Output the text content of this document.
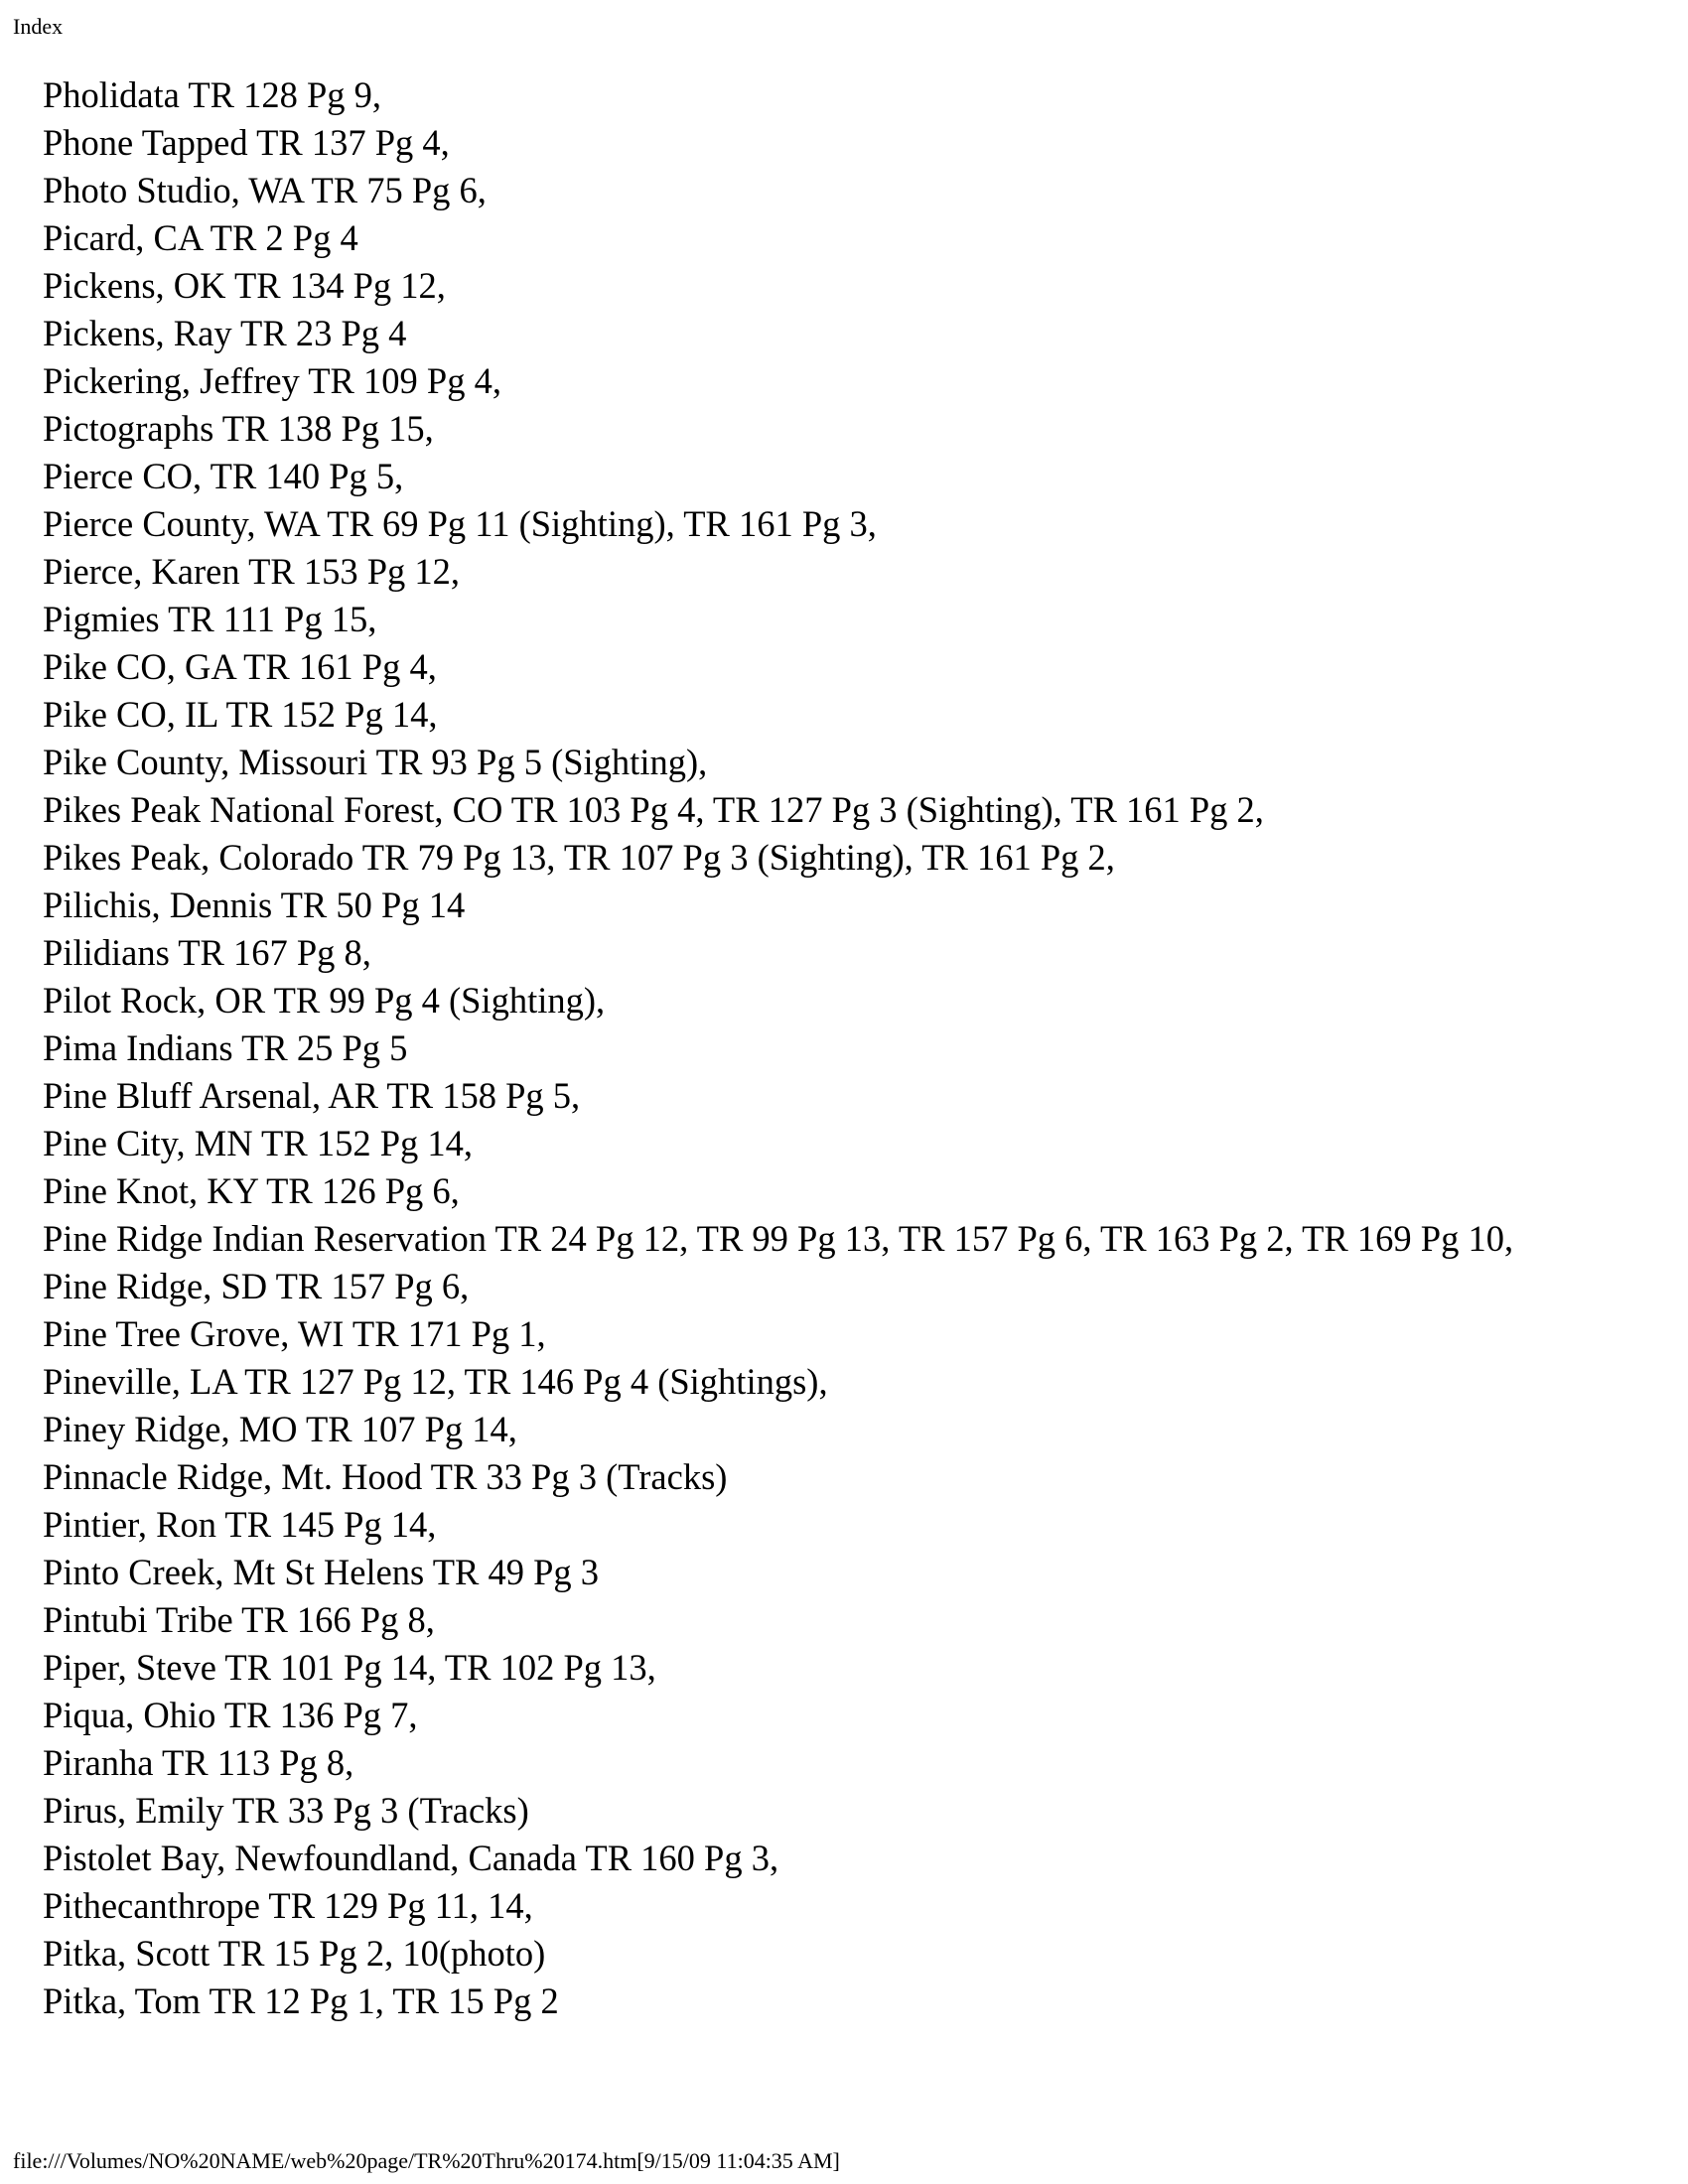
Index
Pholidata TR 128 Pg 9,
Phone Tapped TR 137 Pg 4,
Photo Studio, WA TR 75 Pg 6,
Picard, CA TR 2 Pg 4
Pickens, OK TR 134 Pg 12,
Pickens, Ray TR 23 Pg 4
Pickering, Jeffrey TR 109 Pg 4,
Pictographs TR 138 Pg 15,
Pierce CO, TR 140 Pg 5,
Pierce County, WA TR 69 Pg 11 (Sighting), TR 161 Pg 3,
Pierce, Karen TR 153 Pg 12,
Pigmies TR 111 Pg 15,
Pike CO, GA TR 161 Pg 4,
Pike CO, IL TR 152 Pg 14,
Pike County, Missouri TR 93 Pg 5 (Sighting),
Pikes Peak National Forest, CO TR 103 Pg 4, TR 127 Pg 3 (Sighting), TR 161 Pg 2,
Pikes Peak, Colorado TR 79 Pg 13, TR 107 Pg 3 (Sighting), TR 161 Pg 2,
Pilichis, Dennis TR 50 Pg 14
Pilidians TR 167 Pg 8,
Pilot Rock, OR TR 99 Pg 4 (Sighting),
Pima Indians TR 25 Pg 5
Pine Bluff Arsenal, AR TR 158 Pg 5,
Pine City, MN TR 152 Pg 14,
Pine Knot, KY TR 126 Pg 6,
Pine Ridge Indian Reservation TR 24 Pg 12, TR 99 Pg 13, TR 157 Pg 6, TR 163 Pg 2, TR 169 Pg 10,
Pine Ridge, SD TR 157 Pg 6,
Pine Tree Grove, WI TR 171 Pg 1,
Pineville, LA TR 127 Pg 12, TR 146 Pg 4 (Sightings),
Piney Ridge, MO TR 107 Pg 14,
Pinnacle Ridge, Mt. Hood TR 33 Pg 3 (Tracks)
Pintier, Ron TR 145 Pg 14,
Pinto Creek, Mt St Helens TR 49 Pg 3
Pintubi Tribe TR 166 Pg 8,
Piper, Steve TR 101 Pg 14, TR 102 Pg 13,
Piqua, Ohio TR 136 Pg 7,
Piranha TR 113 Pg 8,
Pirus, Emily TR 33 Pg 3 (Tracks)
Pistolet Bay, Newfoundland, Canada TR 160 Pg 3,
Pithecanthrope TR 129 Pg 11, 14,
Pitka, Scott TR 15 Pg 2, 10(photo)
Pitka, Tom TR 12 Pg 1, TR 15 Pg 2
file:///Volumes/NO%20NAME/web%20page/TR%20Thru%20174.htm[9/15/09 11:04:35 AM]
